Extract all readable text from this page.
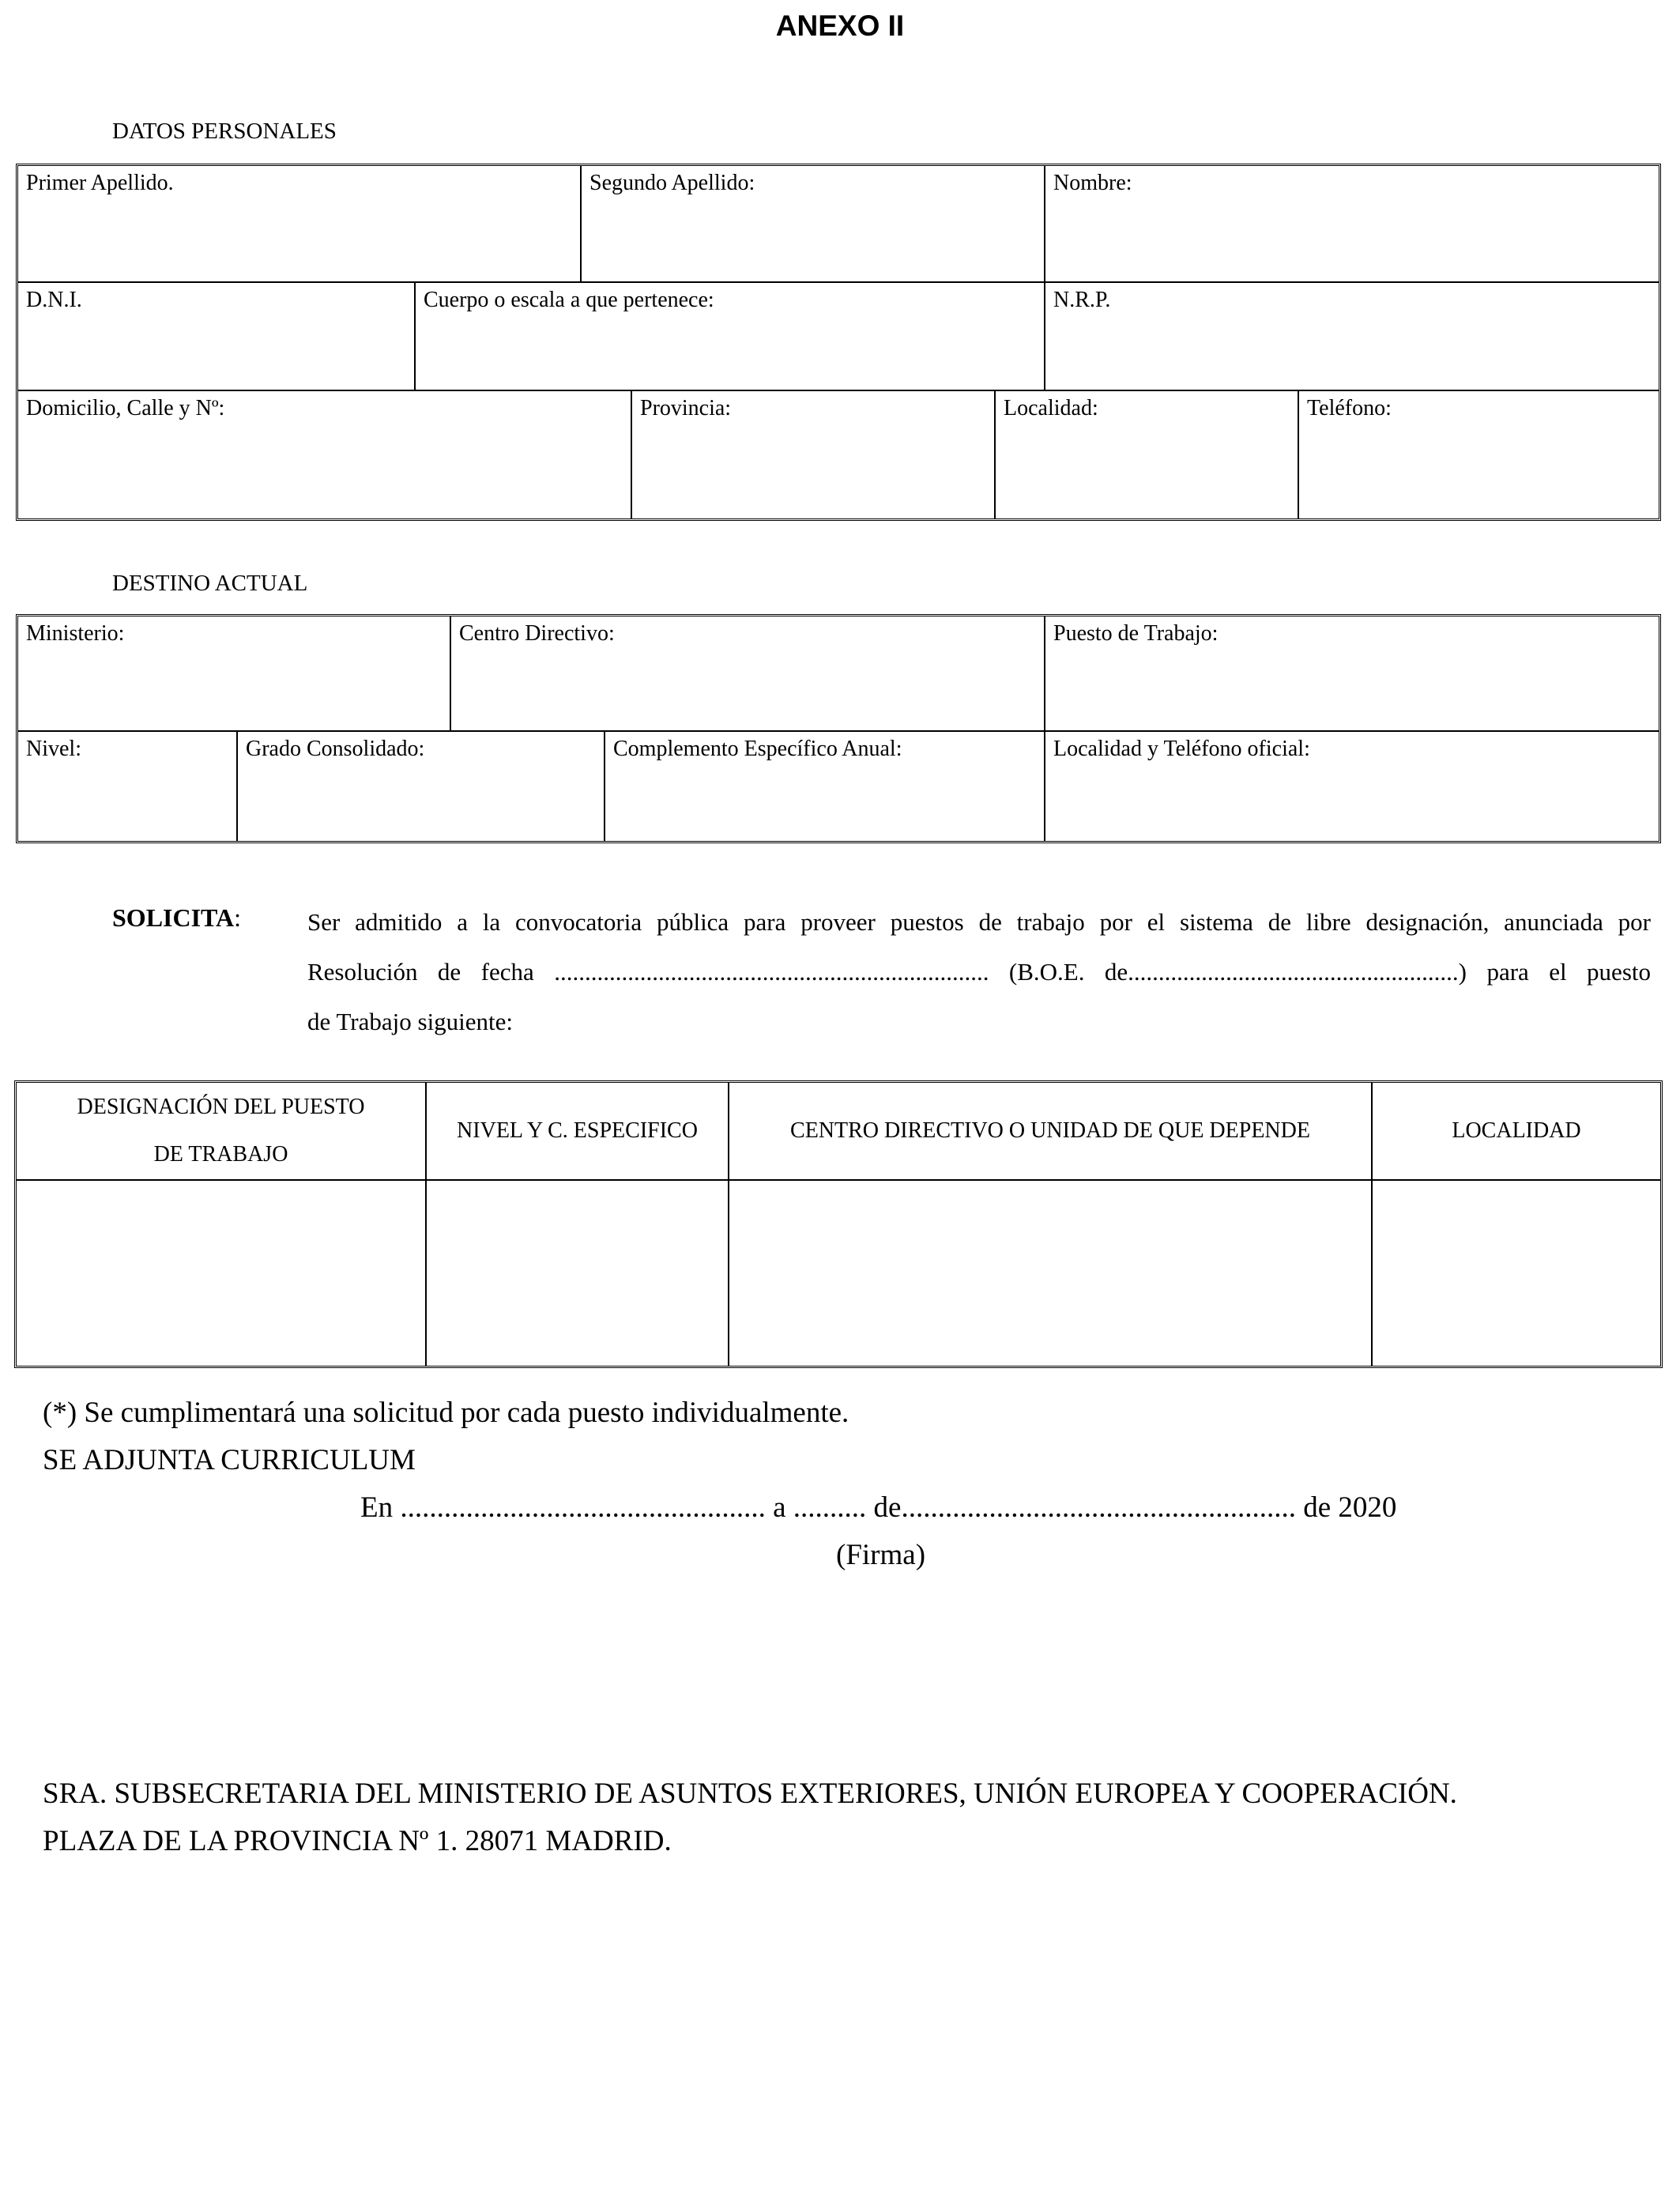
ANEXO II
DATOS PERSONALES
Primer Apellido.	Segundo Apellido:	Nombre:
D.N.I.	Cuerpo o escala a que pertenece:	N.R.P.
Domicilio, Calle y Nº:	Provincia:	Localidad:	Teléfono:
DESTINO ACTUAL
Ministerio:	Centro Directivo:	Puesto de Trabajo:
Nivel:	Grado Consolidado:	Complemento Específico Anual:	Localidad y Teléfono oficial:
SOLICITA:	Ser admitido a la convocatoria pública para proveer puestos de trabajo por el sistema de libre designación, anunciada por
Resolución de fecha ....................................................................... (B.O.E. de......................................................) para el puesto
de Trabajo siguiente:
DESIGNACIÓN DEL PUESTO
DE TRABAJO	NIVEL Y C. ESPECIFICO	CENTRO DIRECTIVO O UNIDAD DE QUE DEPENDE	LOCALIDAD

(*) Se cumplimentará una solicitud por cada puesto individualmente.
SE ADJUNTA CURRICULUM
En .................................................. a .......... de...................................................... de 2020
(Firma)
SRA. SUBSECRETARIA DEL MINISTERIO DE ASUNTOS EXTERIORES, UNIÓN EUROPEA Y COOPERACIÓN.
PLAZA DE LA PROVINCIA Nº 1. 28071 MADRID.
